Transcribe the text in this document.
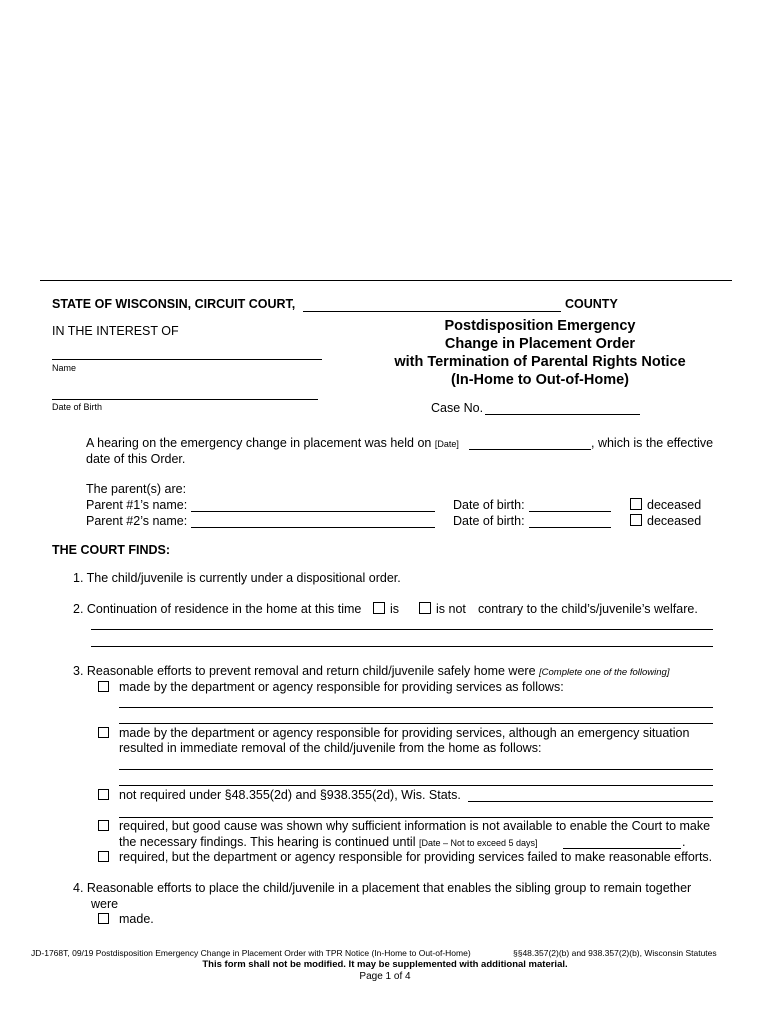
STATE OF WISCONSIN, CIRCUIT COURT,	COUNTY
IN THE INTEREST OF
Name
Date of Birth
Postdisposition Emergency
Change in Placement Order
with Termination of Parental Rights Notice
(In-Home to Out-of-Home)
Case No.
A hearing on the emergency change in placement was held on [Date]	, which is the effective
date of this Order.
The parent(s) are:
Parent #1’s name:	Date of birth:	deceased
Parent #2’s name:	Date of birth:	deceased
THE COURT FINDS:
1. The child/juvenile is currently under a dispositional order.
2. Continuation of residence in the home at this time is	is not contrary to the child’s/juvenile’s welfare.
3. Reasonable efforts to prevent removal and return child/juvenile safely home were [Complete one of the following]
made by the department or agency responsible for providing services as follows:
made by the department or agency responsible for providing services, although an emergency situation
resulted in immediate removal of the child/juvenile from the home as follows:
not required under §48.355(2d) and §938.355(2d), Wis. Stats.
required, but good cause was shown why sufficient information is not available to enable the Court to make
the necessary findings. This hearing is continued until [Date – Not to exceed 5 days]	.
required, but the department or agency responsible for providing services failed to make reasonable efforts.
4. Reasonable efforts to place the child/juvenile in a placement that enables the sibling group to remain together
were
made.
JD-1768T, 09/19 Postdisposition Emergency Change in Placement Order with TPR Notice (In-Home to Out-of-Home)	§§48.357(2)(b) and 938.357(2)(b), Wisconsin Statutes
This form shall not be modified. It may be supplemented with additional material.
Page 1 of 4
